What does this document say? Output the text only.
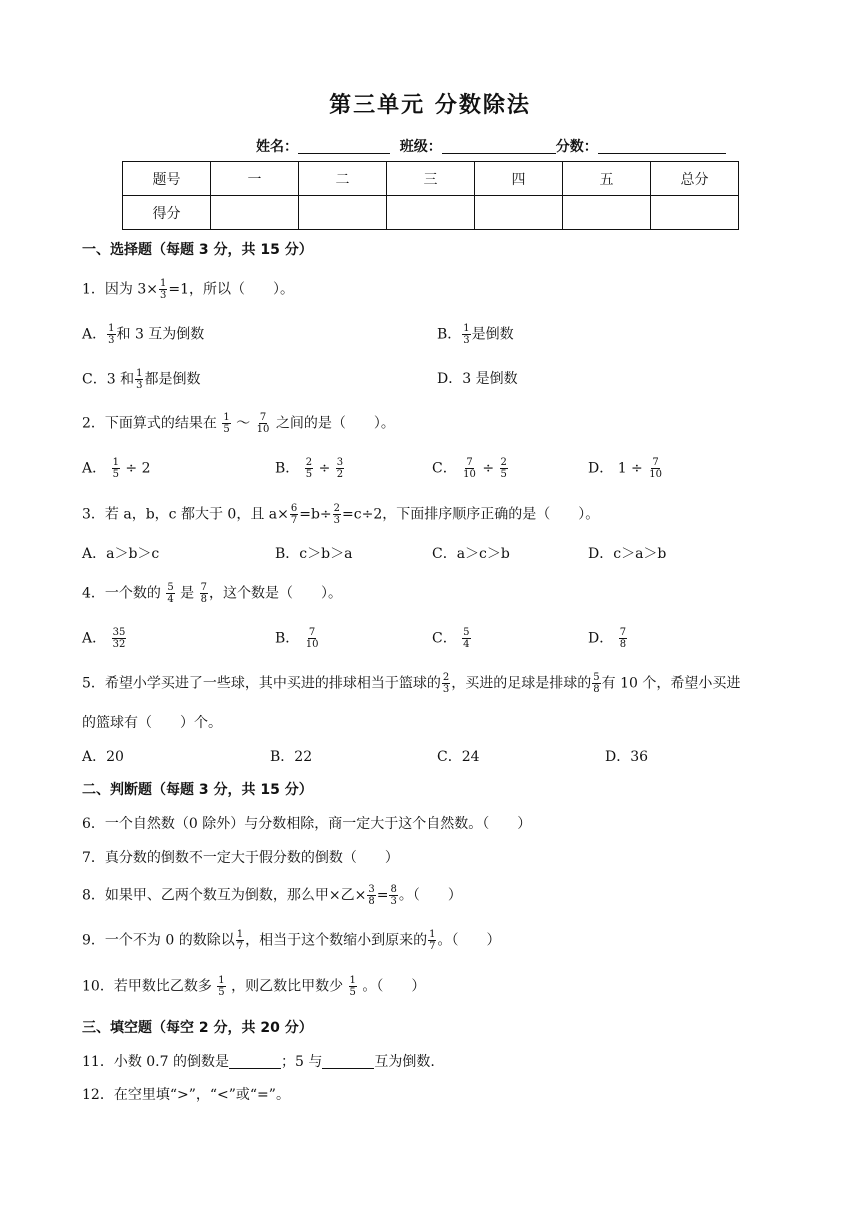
第三单元 分数除法
姓名：	班级：	分数：
题号	一	二	三	四	五	总分
得分						
一、选择题（每题 3 分，共 15 分）
1．因为 $3\times \frac{1}{3} =1$，所以（　　）。
A． $\frac{1}{3}$ 和 3 互为倒数	B． $\frac{1}{3}$ 是倒数
C．3 和 $\frac{1}{3}$ 都是倒数	D．3 是倒数
2．下面算式的结果在 $\frac{1}{5}$ ～ $\frac{7}{10}$ 之间的是（　　）。
A． $\frac{1}{5} \div 2$	B． $\frac{2}{5} \div \frac{3}{2}$	C． $\frac{7}{10} \div \frac{2}{5}$	D． $1 \div \frac{7}{10}$
3．若 a，b，c 都大于 0，且 $a\times \frac{6}{7} =b\div \frac{2}{3} =c\div 2$，下面排序顺序正确的是（　　）。
A．a＞b＞c	B．c＞b＞a	C．a＞c＞b	D．c＞a＞b
4．一个数的 $\frac{5}{4}$ 是 $\frac{7}{8}$ ，这个数是（　　）。
A． $\frac{35}{32}$	B． $\frac{7}{10}$	C． $\frac{5}{4}$	D． $\frac{7}{8}$
5．希望小学买进了一些球，其中买进的排球相当于篮球的 $\frac{2}{3}$ ，买进的足球是排球的 $\frac{5}{8}$ 有 10 个，希望小买进
的篮球有（　　）个。
A．20	B．22	C．24	D．36
二、判断题（每题 3 分，共 15 分）
6．一个自然数（0 除外）与分数相除，商一定大于这个自然数。（　　）
7．真分数的倒数不一定大于假分数的倒数（　　）
8．如果甲、乙两个数互为倒数，那么甲×乙× $\frac{3}{8} = \frac{8}{3}$ 。（　　）
9．一个不为 0 的数除以 $\frac{1}{7}$ ，相当于这个数缩小到原来的 $\frac{1}{7}$ 。（　　）
10．若甲数比乙数多 $\frac{1}{5}$ ，则乙数比甲数少 $\frac{1}{5}$ 。（　　）
三、填空题（每空 2 分，共 20 分）
11．小数 0.7 的倒数是	；5 与	互为倒数.
12．在空里填“>”，“<”或“=”。
